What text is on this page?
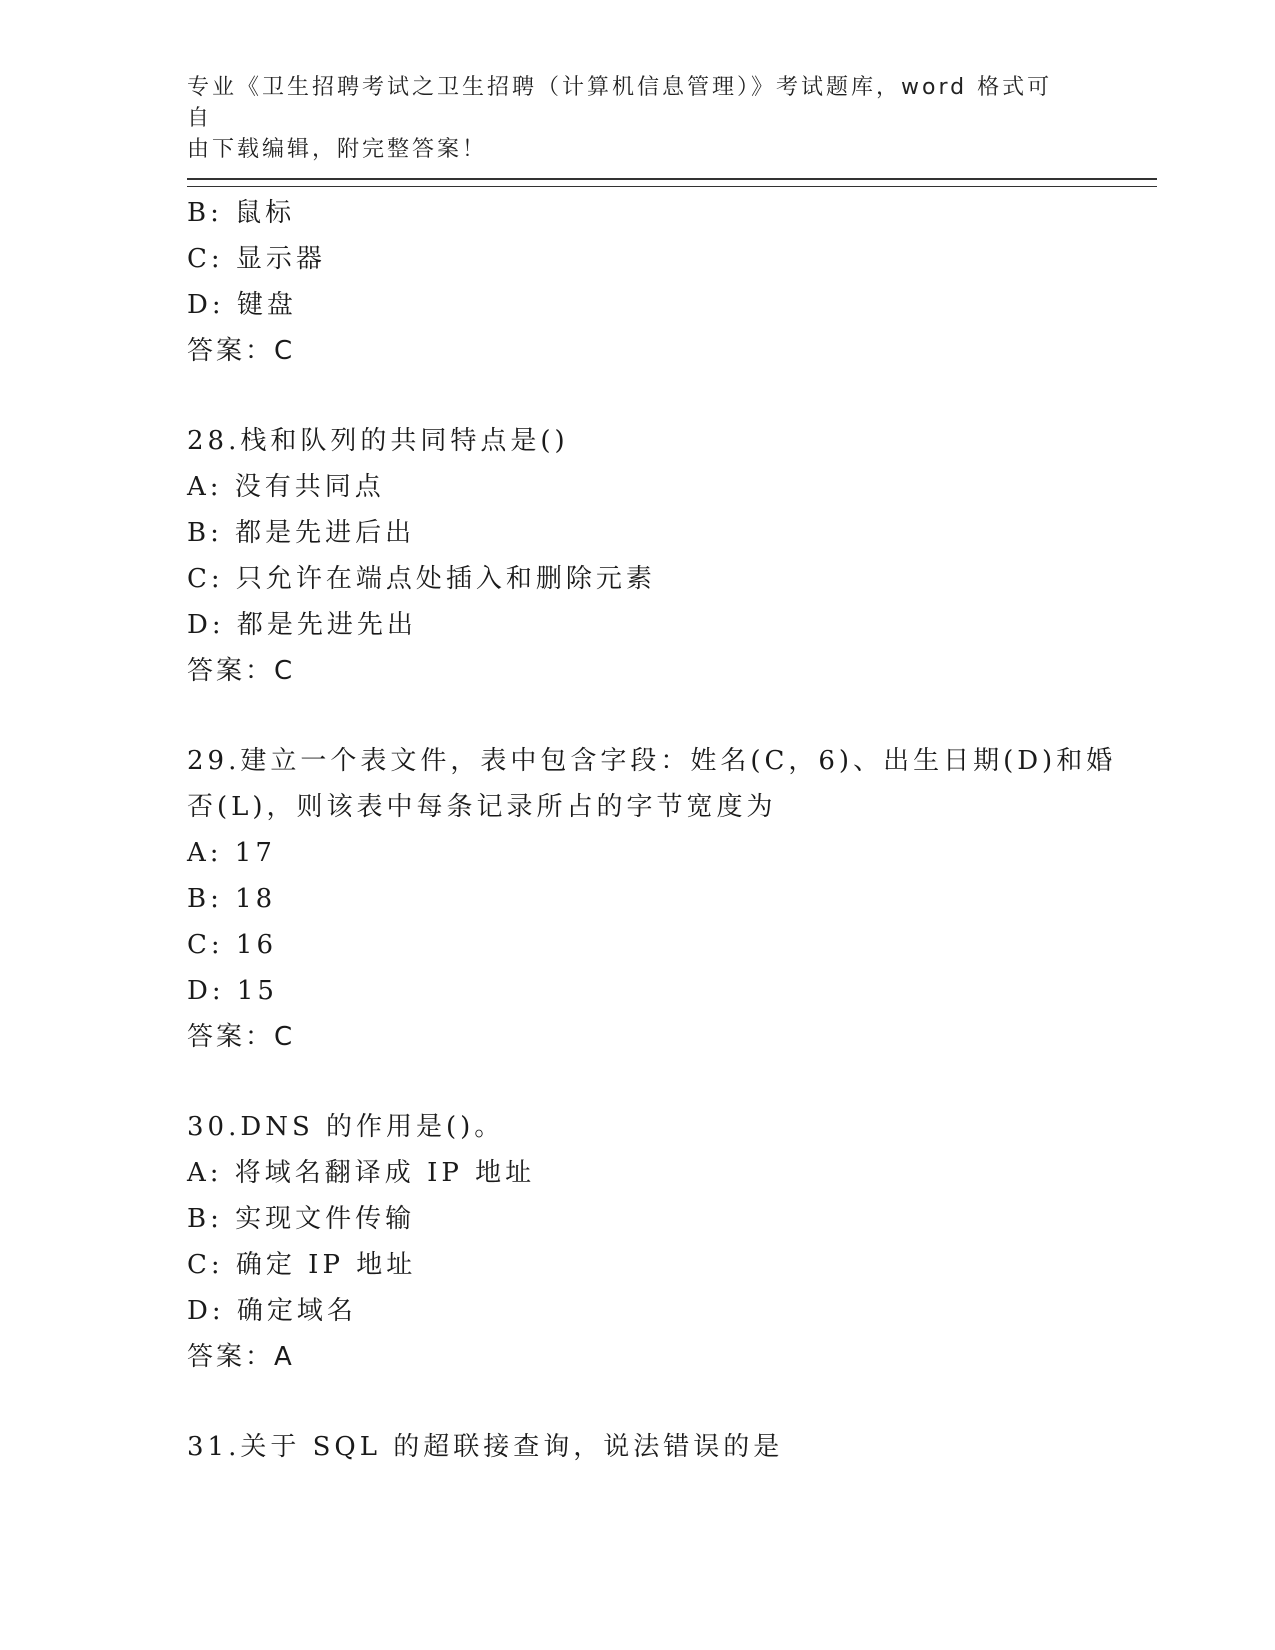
专业《卫生招聘考试之卫生招聘（计算机信息管理）》考试题库，word 格式可自
由下载编辑，附完整答案！
B: 鼠标
C: 显示器
D: 键盘
答案：C
28.栈和队列的共同特点是()
A: 没有共同点
B: 都是先进后出
C: 只允许在端点处插入和删除元素
D: 都是先进先出
答案：C
29.建立一个表文件，表中包含字段：姓名(C，6)、出生日期(D)和婚
否(L)，则该表中每条记录所占的字节宽度为
A: 17
B: 18
C: 16
D: 15
答案：C
30.DNS 的作用是()。
A: 将域名翻译成 IP 地址
B: 实现文件传输
C: 确定 IP 地址
D: 确定域名
答案：A
31.关于 SQL 的超联接查询，说法错误的是
